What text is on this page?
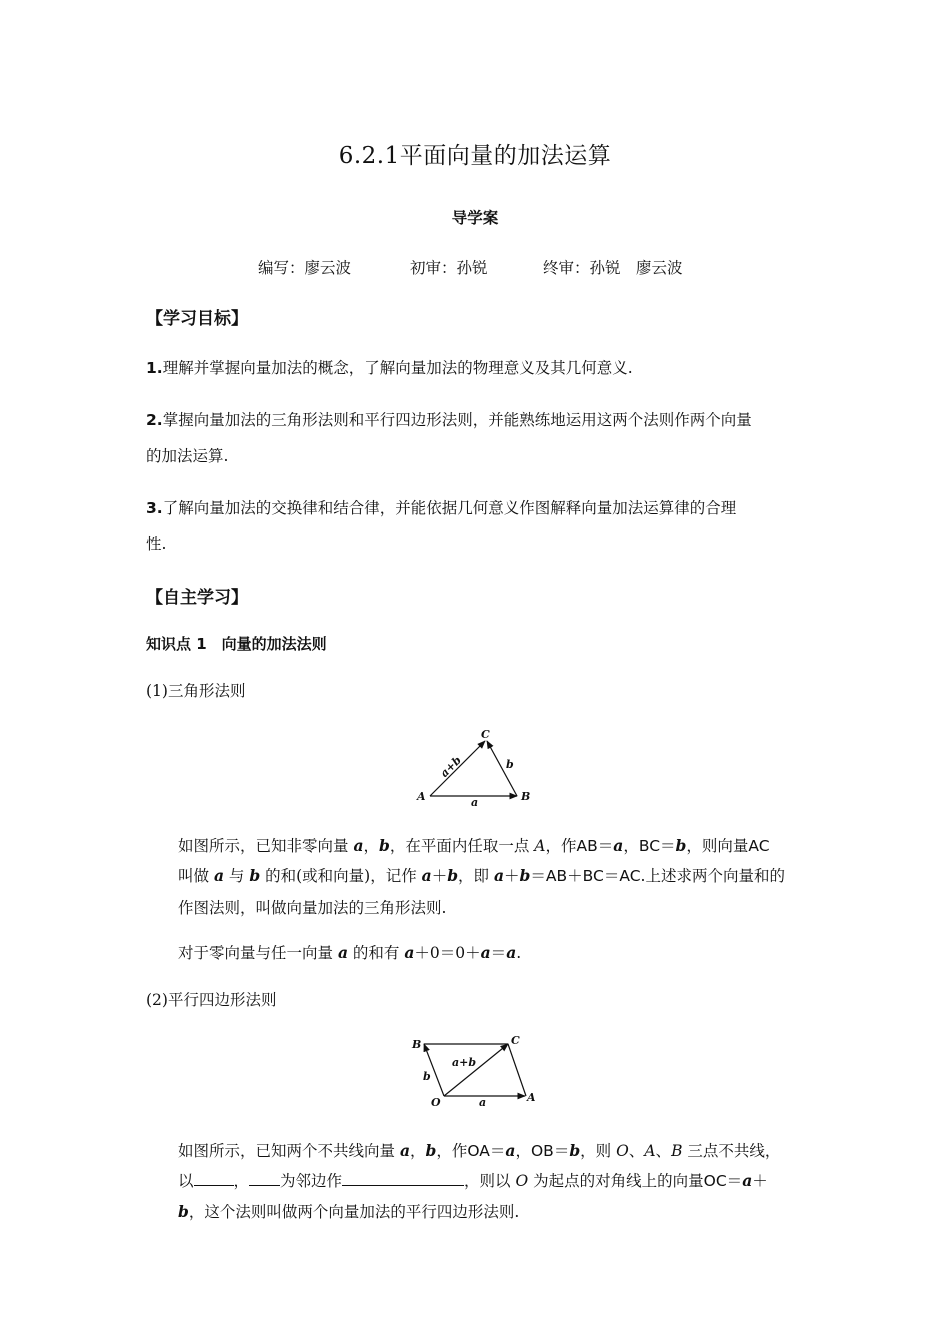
6.2.1平面向量的加法运算
导学案
编写：廖云波	初审：孙锐	终审：孙锐　廖云波
【学习目标】
1.理解并掌握向量加法的概念，了解向量加法的物理意义及其几何意义.
2.掌握向量加法的三角形法则和平行四边形法则，并能熟练地运用这两个法则作两个向量
的加法运算.
3.了解向量加法的交换律和结合律，并能依据几何意义作图解释向量加法运算律的合理
性.
【自主学习】
知识点 1　向量的加法法则
(1)三角形法则
A	B
C
a
b
a+b
如图所示，已知非零向量 a，b，在平面内任取一点 A，作AB＝a，BC＝b，则向量AC
叫做 a 与 b 的和(或和向量)，记作 a＋b，即 a＋b＝AB＋BC＝AC.上述求两个向量和的
作图法则，叫做向量加法的三角形法则.
对于零向量与任一向量 a 的和有 a＋0＝0＋a＝a.
(2)平行四边形法则
B	C
O	A
a
b
a+b
如图所示，已知两个不共线向量 a，b，作OA＝a，OB＝b，则 O、A、B 三点不共线，
以	， 为邻边作	，则以 O 为起点的对角线上的向量OC＝a＋
b，这个法则叫做两个向量加法的平行四边形法则.
